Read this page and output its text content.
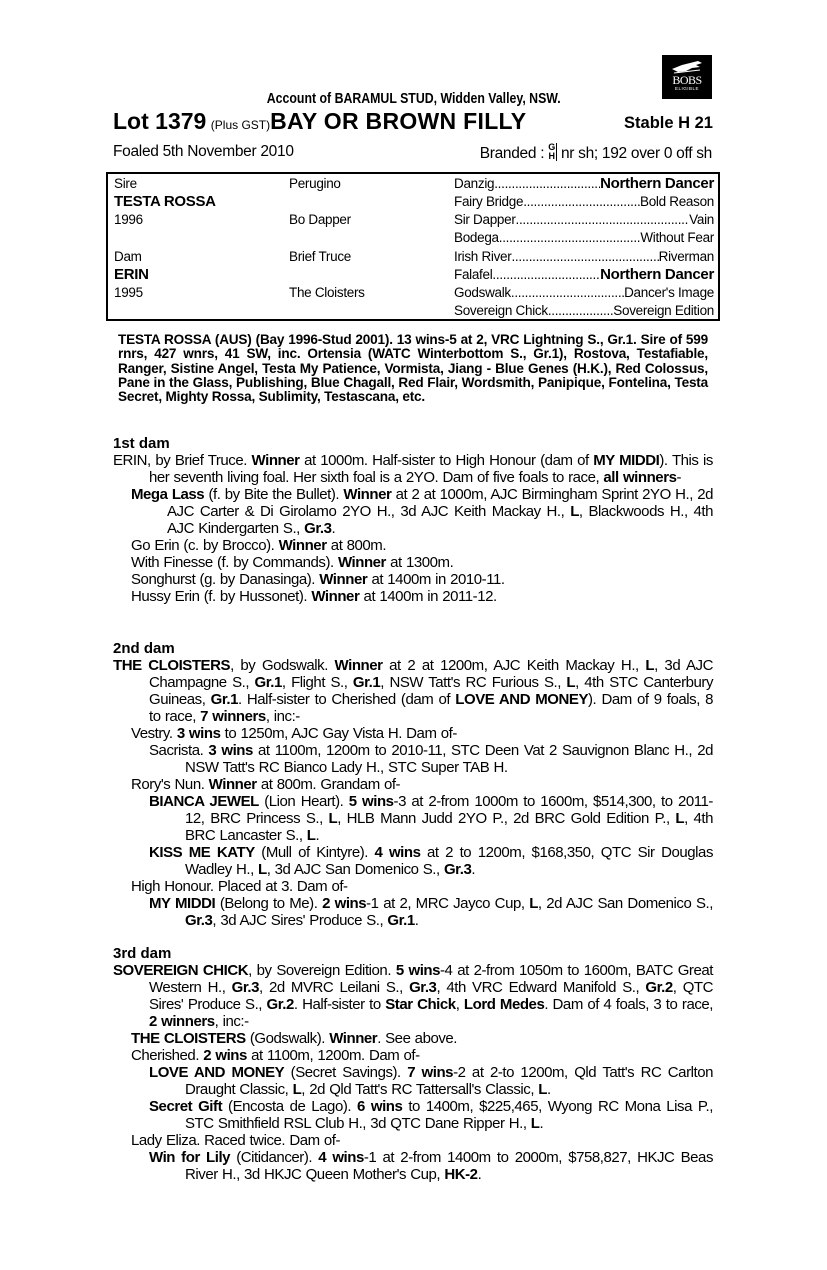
BOBS
ELIGIBLE
Account of BARAMUL STUD, Widden Valley, NSW.
Lot 1379 (Plus GST)BAY OR BROWN FILLY	Stable H 21
Foaled 5th November 2010	Branded : G
H nr sh; 192 over 0 off sh
Sire
TESTA ROSSA
1996
Dam
ERIN
1995
Perugino
Bo Dapper
Brief Truce
The Cloisters
Danzig
.....	Northern Dancer
Fairy Bridge
.....	Bold Reason
Sir Dapper
.....	Vain
Bodega
.....	Without Fear
Irish River
.....	Riverman
Falafel
.....	Northern Dancer
Godswalk
.....	Dancer's Image
Sovereign Chick
.....	Sovereign Edition
TESTA ROSSA (AUS) (Bay 1996-Stud 2001). 13 wins-5 at 2, VRC Lightning S., Gr.1. Sire of 599 rnrs, 427 wnrs, 41 SW, inc. Ortensia (WATC Winterbottom S., Gr.1), Rostova, Testafiable, Ranger, Sistine Angel, Testa My Patience, Vormista, Jiang - Blue Genes (H.K.), Red Colossus, Pane in the Glass, Publishing, Blue Chagall, Red Flair, Wordsmith, Panipique, Fontelina, Testa Secret, Mighty Rossa, Sublimity, Testascana, etc.
1st dam
ERIN, by Brief Truce. Winner at 1000m. Half-sister to High Honour (dam of MY MIDDI). This is her seventh living foal. Her sixth foal is a 2YO. Dam of five foals to race, all winners-
Mega Lass (f. by Bite the Bullet). Winner at 2 at 1000m, AJC Birmingham Sprint 2YO H., 2d AJC Carter & Di Girolamo 2YO H., 3d AJC Keith Mackay H., L, Blackwoods H., 4th AJC Kindergarten S., Gr.3.
Go Erin (c. by Brocco). Winner at 800m.
With Finesse (f. by Commands). Winner at 1300m.
Songhurst (g. by Danasinga). Winner at 1400m in 2010-11.
Hussy Erin (f. by Hussonet). Winner at 1400m in 2011-12.
2nd dam
THE CLOISTERS, by Godswalk. Winner at 2 at 1200m, AJC Keith Mackay H., L, 3d AJC Champagne S., Gr.1, Flight S., Gr.1, NSW Tatt's RC Furious S., L, 4th STC Canterbury Guineas, Gr.1. Half-sister to Cherished (dam of LOVE AND MONEY). Dam of 9 foals, 8 to race, 7 winners, inc:-
Vestry. 3 wins to 1250m, AJC Gay Vista H. Dam of-
Sacrista. 3 wins at 1100m, 1200m to 2010-11, STC Deen Vat 2 Sauvignon Blanc H., 2d NSW Tatt's RC Bianco Lady H., STC Super TAB H.
Rory's Nun. Winner at 800m. Grandam of-
BIANCA JEWEL (Lion Heart). 5 wins-3 at 2-from 1000m to 1600m, $514,300, to 2011-12, BRC Princess S., L, HLB Mann Judd 2YO P., 2d BRC Gold Edition P., L, 4th BRC Lancaster S., L.
KISS ME KATY (Mull of Kintyre). 4 wins at 2 to 1200m, $168,350, QTC Sir Douglas Wadley H., L, 3d AJC San Domenico S., Gr.3.
High Honour. Placed at 3. Dam of-
MY MIDDI (Belong to Me). 2 wins-1 at 2, MRC Jayco Cup, L, 2d AJC San Domenico S., Gr.3, 3d AJC Sires' Produce S., Gr.1.
3rd dam
SOVEREIGN CHICK, by Sovereign Edition. 5 wins-4 at 2-from 1050m to 1600m, BATC Great Western H., Gr.3, 2d MVRC Leilani S., Gr.3, 4th VRC Edward Manifold S., Gr.2, QTC Sires' Produce S., Gr.2. Half-sister to Star Chick, Lord Medes. Dam of 4 foals, 3 to race, 2 winners, inc:-
THE CLOISTERS (Godswalk). Winner. See above.
Cherished. 2 wins at 1100m, 1200m. Dam of-
LOVE AND MONEY (Secret Savings). 7 wins-2 at 2-to 1200m, Qld Tatt's RC Carlton Draught Classic, L, 2d Qld Tatt's RC Tattersall's Classic, L.
Secret Gift (Encosta de Lago). 6 wins to 1400m, $225,465, Wyong RC Mona Lisa P., STC Smithfield RSL Club H., 3d QTC Dane Ripper H., L.
Lady Eliza. Raced twice. Dam of-
Win for Lily (Citidancer). 4 wins-1 at 2-from 1400m to 2000m, $758,827, HKJC Beas River H., 3d HKJC Queen Mother's Cup, HK-2.
